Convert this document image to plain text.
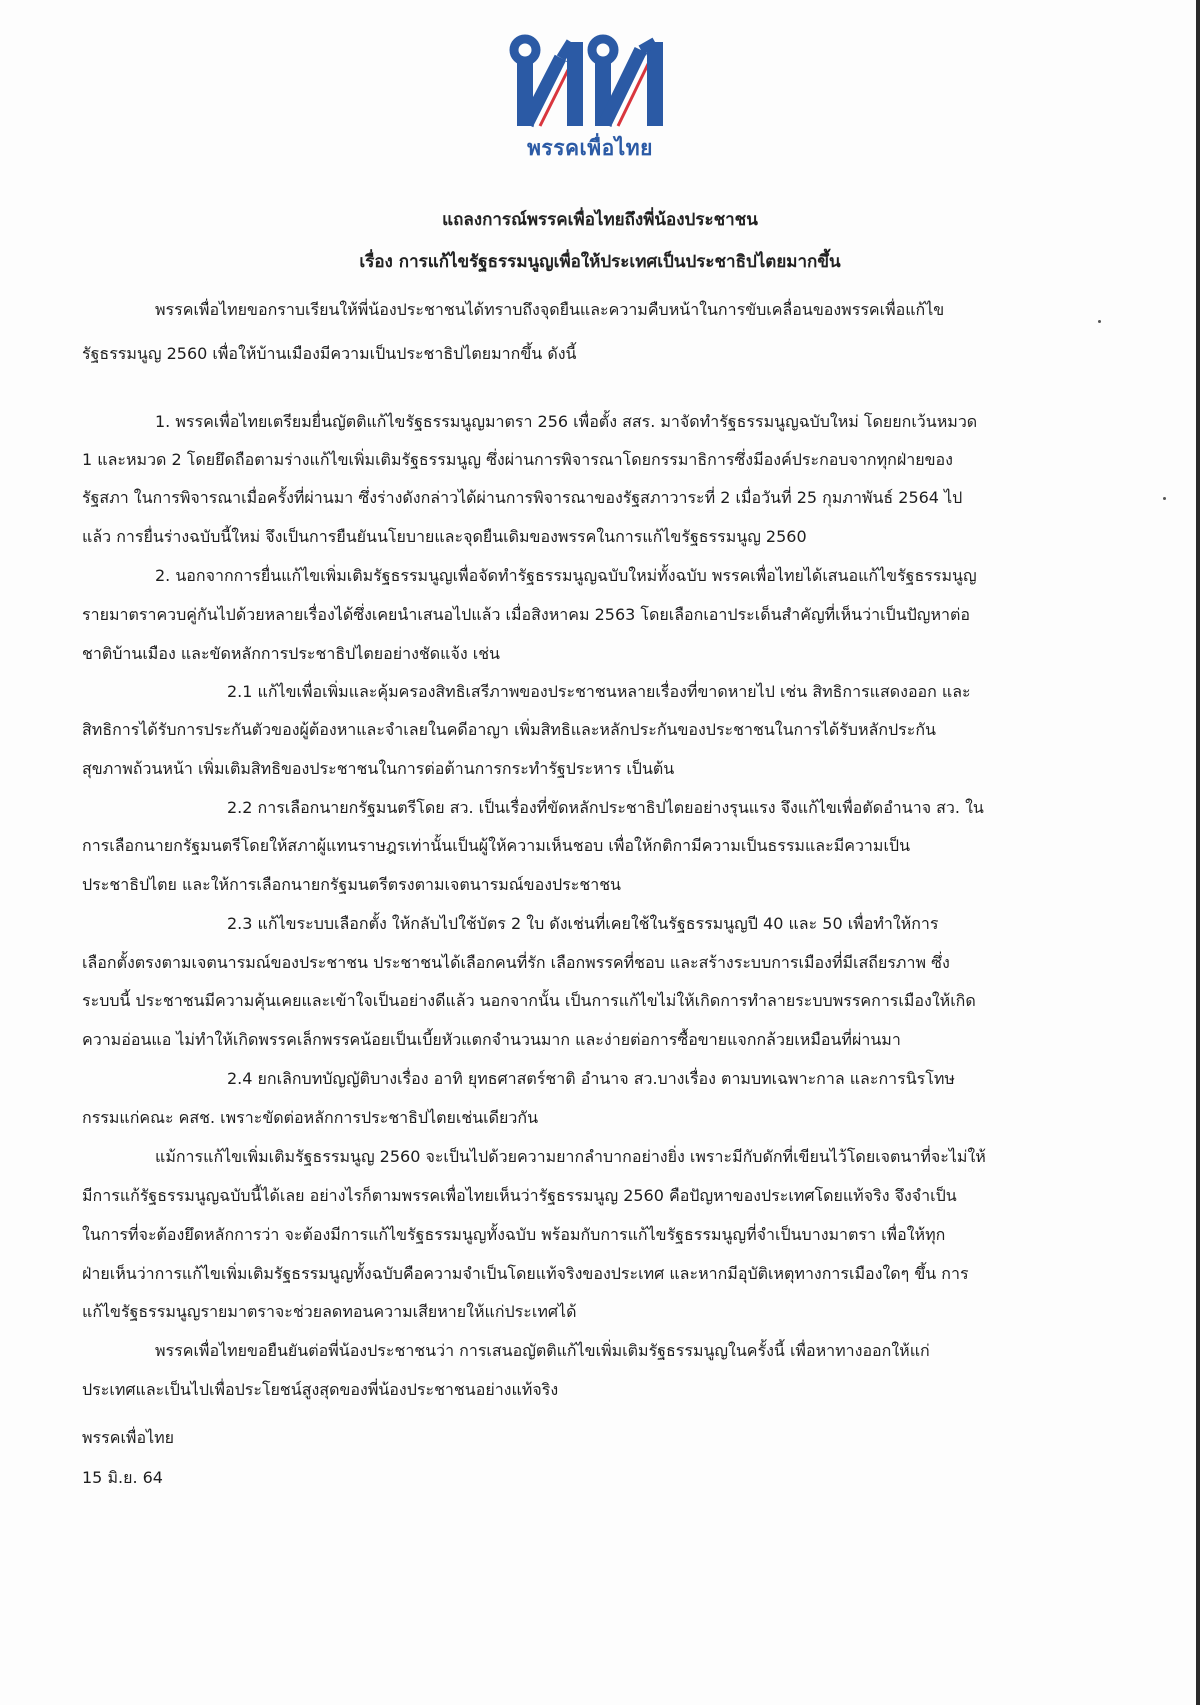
พรรคเพื่อไทย
แถลงการณ์พรรคเพื่อไทยถึงพี่น้องประชาชน
เรื่อง การแก้ไขรัฐธรรมนูญเพื่อให้ประเทศเป็นประชาธิปไตยมากขึ้น
พรรคเพื่อไทยขอกราบเรียนให้พี่น้องประชาชนได้ทราบถึงจุดยืนและความคืบหน้าในการขับเคลื่อนของพรรคเพื่อแก้ไข
รัฐธรรมนูญ 2560 เพื่อให้บ้านเมืองมีความเป็นประชาธิปไตยมากขึ้น ดังนี้
1. พรรคเพื่อไทยเตรียมยื่นญัตติแก้ไขรัฐธรรมนูญมาตรา 256 เพื่อตั้ง สสร. มาจัดทำรัฐธรรมนูญฉบับใหม่ โดยยกเว้นหมวด
1 และหมวด 2 โดยยึดถือตามร่างแก้ไขเพิ่มเติมรัฐธรรมนูญ ซึ่งผ่านการพิจารณาโดยกรรมาธิการซึ่งมีองค์ประกอบจากทุกฝ่ายของ
รัฐสภา ในการพิจารณาเมื่อครั้งที่ผ่านมา ซึ่งร่างดังกล่าวได้ผ่านการพิจารณาของรัฐสภาวาระที่ 2 เมื่อวันที่ 25 กุมภาพันธ์ 2564 ไป
แล้ว การยื่นร่างฉบับนี้ใหม่ จึงเป็นการยืนยันนโยบายและจุดยืนเดิมของพรรคในการแก้ไขรัฐธรรมนูญ 2560
2. นอกจากการยื่นแก้ไขเพิ่มเติมรัฐธรรมนูญเพื่อจัดทำรัฐธรรมนูญฉบับใหม่ทั้งฉบับ พรรคเพื่อไทยได้เสนอแก้ไขรัฐธรรมนูญ
รายมาตราควบคู่กันไปด้วยหลายเรื่องได้ซึ่งเคยนำเสนอไปแล้ว เมื่อสิงหาคม 2563 โดยเลือกเอาประเด็นสำคัญที่เห็นว่าเป็นปัญหาต่อ
ชาติบ้านเมือง และขัดหลักการประชาธิปไตยอย่างชัดแจ้ง เช่น
2.1 แก้ไขเพื่อเพิ่มและคุ้มครองสิทธิเสรีภาพของประชาชนหลายเรื่องที่ขาดหายไป เช่น สิทธิการแสดงออก และ
สิทธิการได้รับการประกันตัวของผู้ต้องหาและจำเลยในคดีอาญา เพิ่มสิทธิและหลักประกันของประชาชนในการได้รับหลักประกัน
สุขภาพถ้วนหน้า เพิ่มเติมสิทธิของประชาชนในการต่อต้านการกระทำรัฐประหาร เป็นต้น
2.2 การเลือกนายกรัฐมนตรีโดย สว. เป็นเรื่องที่ขัดหลักประชาธิปไตยอย่างรุนแรง จึงแก้ไขเพื่อตัดอำนาจ สว. ใน
การเลือกนายกรัฐมนตรีโดยให้สภาผู้แทนราษฎรเท่านั้นเป็นผู้ให้ความเห็นชอบ เพื่อให้กติกามีความเป็นธรรมและมีความเป็น
ประชาธิปไตย และให้การเลือกนายกรัฐมนตรีตรงตามเจตนารมณ์ของประชาชน
2.3 แก้ไขระบบเลือกตั้ง ให้กลับไปใช้บัตร 2 ใบ ดังเช่นที่เคยใช้ในรัฐธรรมนูญปี 40 และ 50 เพื่อทำให้การ
เลือกตั้งตรงตามเจตนารมณ์ของประชาชน ประชาชนได้เลือกคนที่รัก เลือกพรรคที่ชอบ และสร้างระบบการเมืองที่มีเสถียรภาพ ซึ่ง
ระบบนี้ ประชาชนมีความคุ้นเคยและเข้าใจเป็นอย่างดีแล้ว นอกจากนั้น เป็นการแก้ไขไม่ให้เกิดการทำลายระบบพรรคการเมืองให้เกิด
ความอ่อนแอ ไม่ทำให้เกิดพรรคเล็กพรรคน้อยเป็นเบี้ยหัวแตกจำนวนมาก และง่ายต่อการซื้อขายแจกกล้วยเหมือนที่ผ่านมา
2.4 ยกเลิกบทบัญญัติบางเรื่อง อาทิ ยุทธศาสตร์ชาติ อำนาจ สว.บางเรื่อง ตามบทเฉพาะกาล และการนิรโทษ
กรรมแก่คณะ คสช. เพราะขัดต่อหลักการประชาธิปไตยเช่นเดียวกัน
แม้การแก้ไขเพิ่มเติมรัฐธรรมนูญ 2560 จะเป็นไปด้วยความยากลำบากอย่างยิ่ง เพราะมีกับดักที่เขียนไว้โดยเจตนาที่จะไม่ให้
มีการแก้รัฐธรรมนูญฉบับนี้ได้เลย อย่างไรก็ตามพรรคเพื่อไทยเห็นว่ารัฐธรรมนูญ 2560 คือปัญหาของประเทศโดยแท้จริง จึงจำเป็น
ในการที่จะต้องยึดหลักการว่า จะต้องมีการแก้ไขรัฐธรรมนูญทั้งฉบับ พร้อมกับการแก้ไขรัฐธรรมนูญที่จำเป็นบางมาตรา เพื่อให้ทุก
ฝ่ายเห็นว่าการแก้ไขเพิ่มเติมรัฐธรรมนูญทั้งฉบับคือความจำเป็นโดยแท้จริงของประเทศ และหากมีอุบัติเหตุทางการเมืองใดๆ ขึ้น การ
แก้ไขรัฐธรรมนูญรายมาตราจะช่วยลดทอนความเสียหายให้แก่ประเทศได้
พรรคเพื่อไทยขอยืนยันต่อพี่น้องประชาชนว่า การเสนอญัตติแก้ไขเพิ่มเติมรัฐธรรมนูญในครั้งนี้ เพื่อหาทางออกให้แก่
ประเทศและเป็นไปเพื่อประโยชน์สูงสุดของพี่น้องประชาชนอย่างแท้จริง
พรรคเพื่อไทย
15 มิ.ย. 64
